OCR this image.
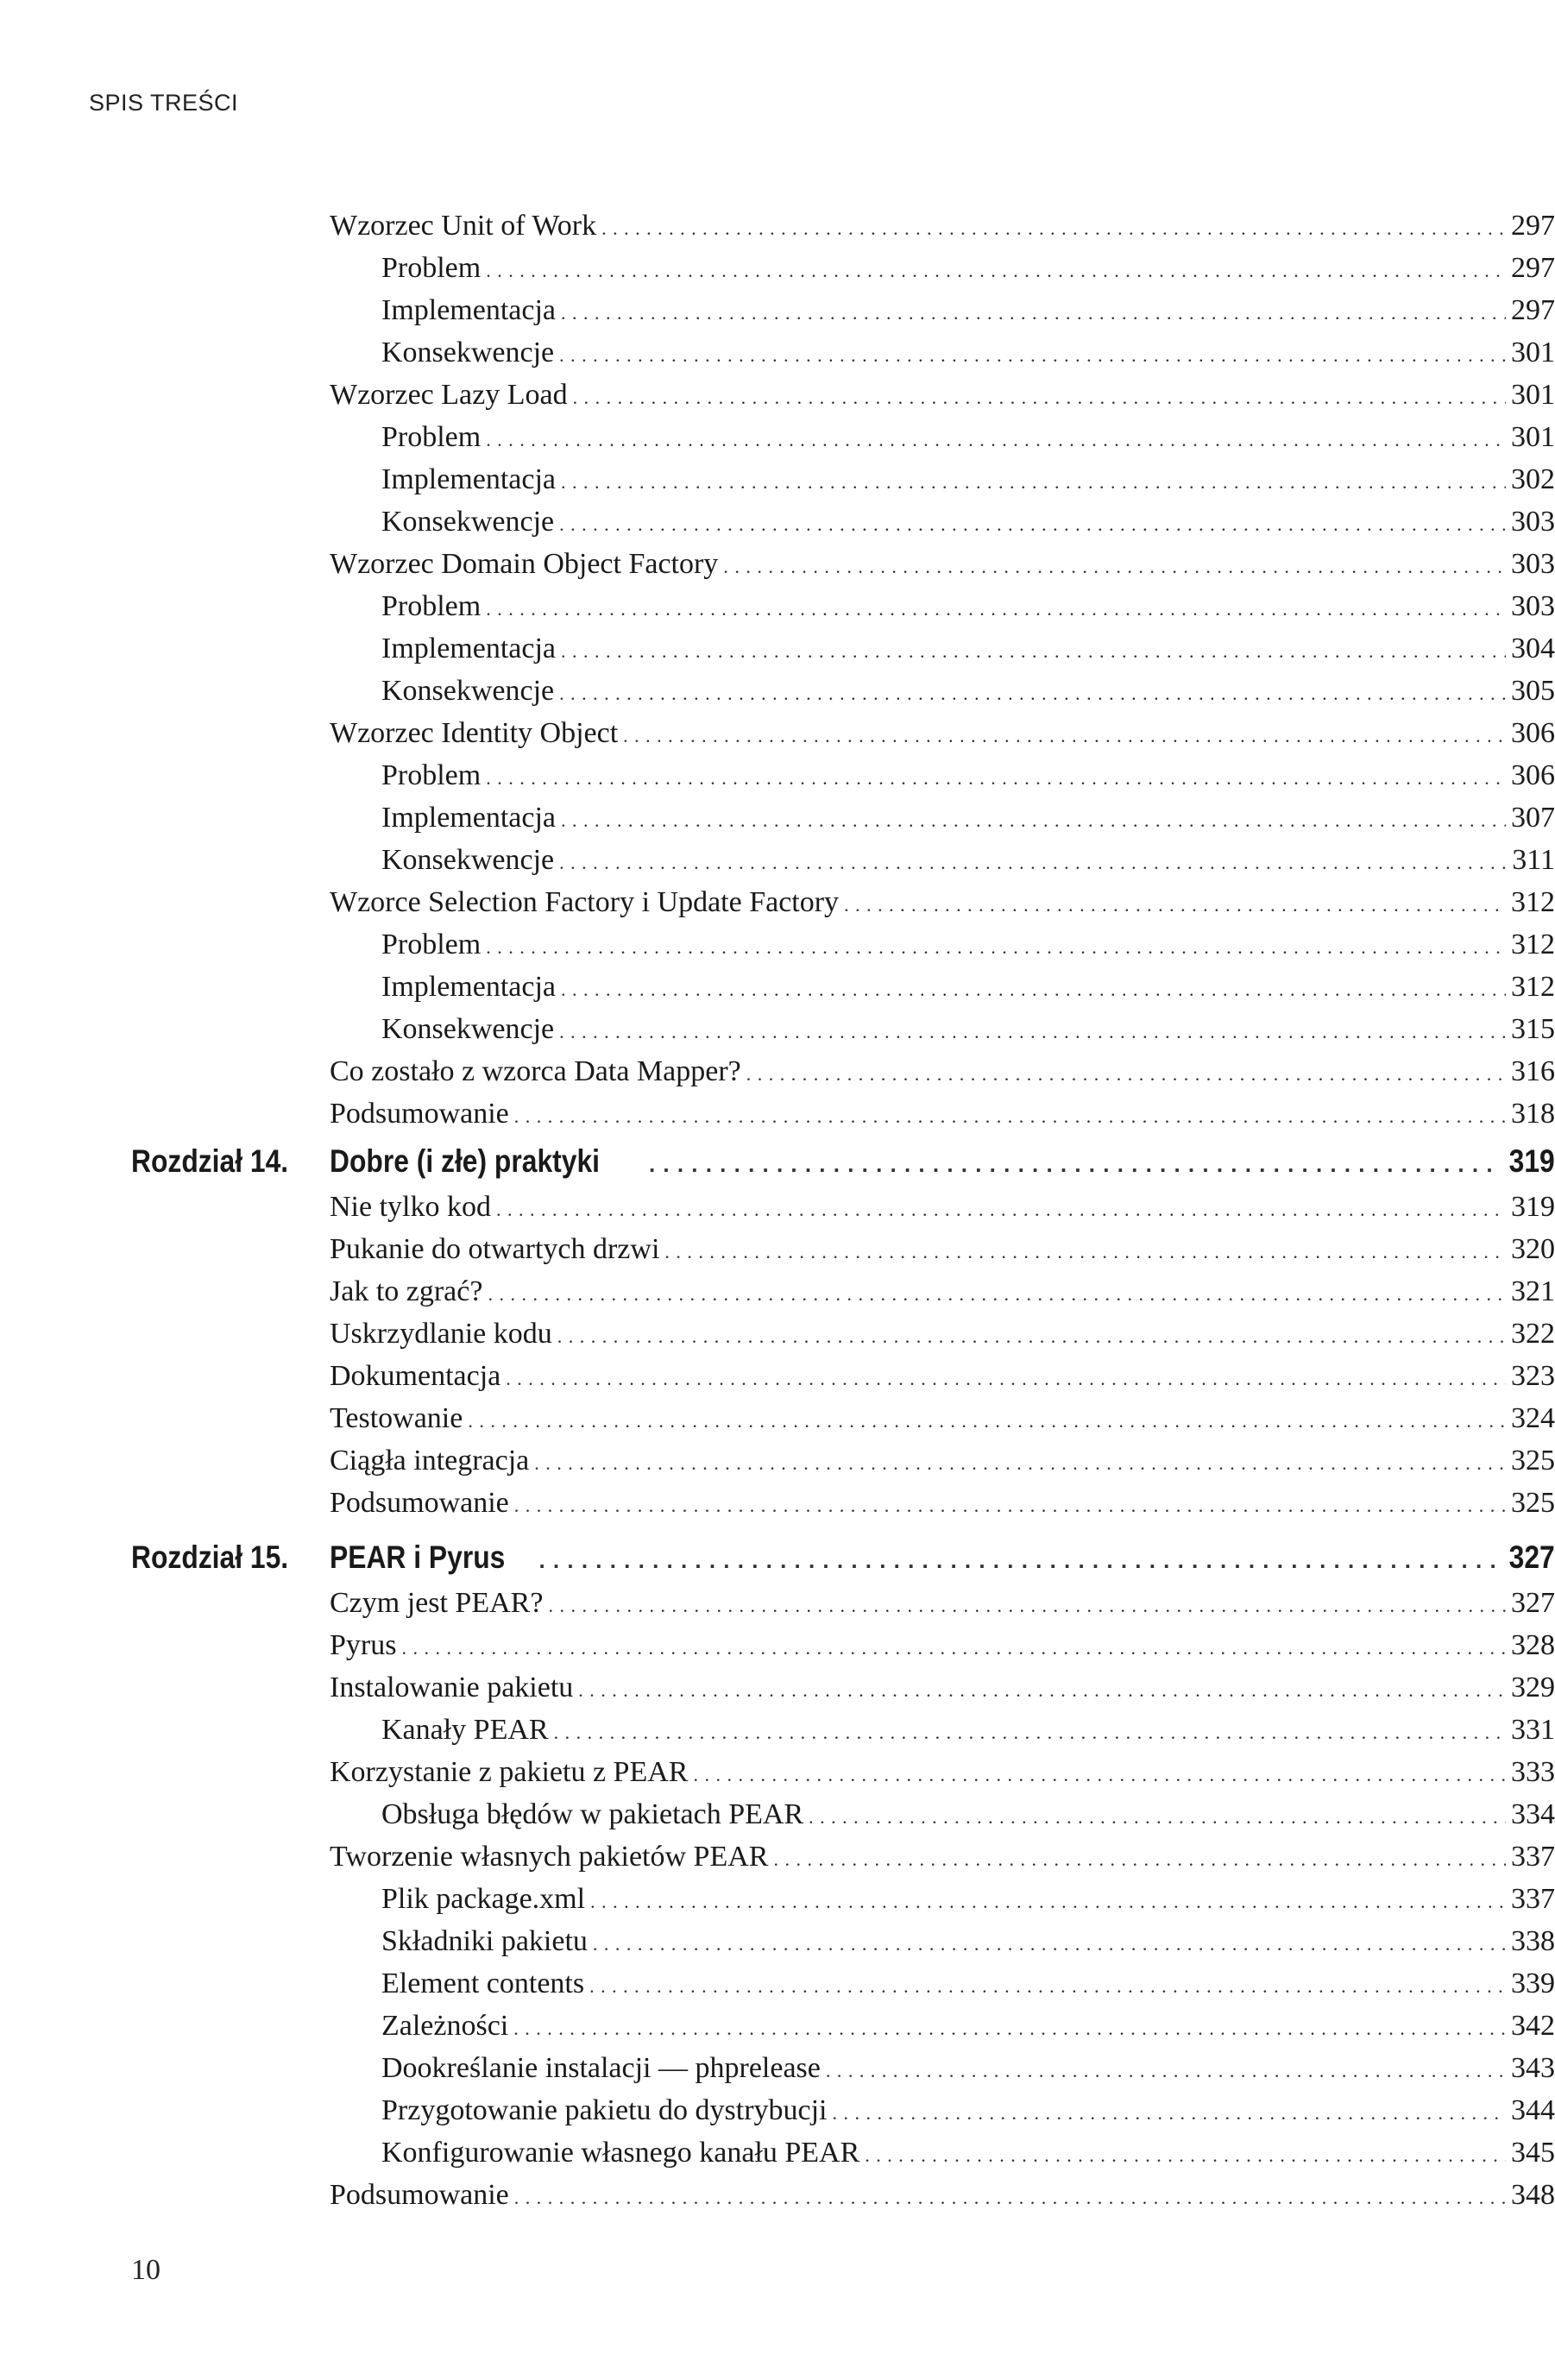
SPIS TREŚCI
Wzorzec Unit of Work . . .	297
Problem . . .	297
Implementacja . . .	297
Konsekwencje . . .	301
Wzorzec Lazy Load . . .	301
Problem . . .	301
Implementacja . . .	302
Konsekwencje . . .	303
Wzorzec Domain Object Factory . . .	303
Problem . . .	303
Implementacja . . .	304
Konsekwencje . . .	305
Wzorzec Identity Object . . .	306
Problem . . .	306
Implementacja . . .	307
Konsekwencje . . .	311
Wzorce Selection Factory i Update Factory . . .	312
Problem . . .	312
Implementacja . . .	312
Konsekwencje . . .	315
Co zostało z wzorca Data Mapper? . . .	316
Podsumowanie . . .	318
Rozdział 14. Dobre (i złe) praktyki . . .	319
Nie tylko kod . . .	319
Pukanie do otwartych drzwi . . .	320
Jak to zgrać? . . .	321
Uskrzydlanie kodu . . .	322
Dokumentacja . . .	323
Testowanie . . .	324
Ciągła integracja . . .	325
Podsumowanie . . .	325
Rozdział 15. PEAR i Pyrus . . .	327
Czym jest PEAR? . . .	327
Pyrus . . .	328
Instalowanie pakietu . . .	329
Kanały PEAR . . .	331
Korzystanie z pakietu z PEAR . . .	333
Obsługa błędów w pakietach PEAR . . .	334
Tworzenie własnych pakietów PEAR . . .	337
Plik package.xml . . .	337
Składniki pakietu . . .	338
Element contents . . .	339
Zależności . . .	342
Dookreślanie instalacji — phprelease . . .	343
Przygotowanie pakietu do dystrybucji . . .	344
Konfigurowanie własnego kanału PEAR . . .	345
Podsumowanie . . .	348
10
